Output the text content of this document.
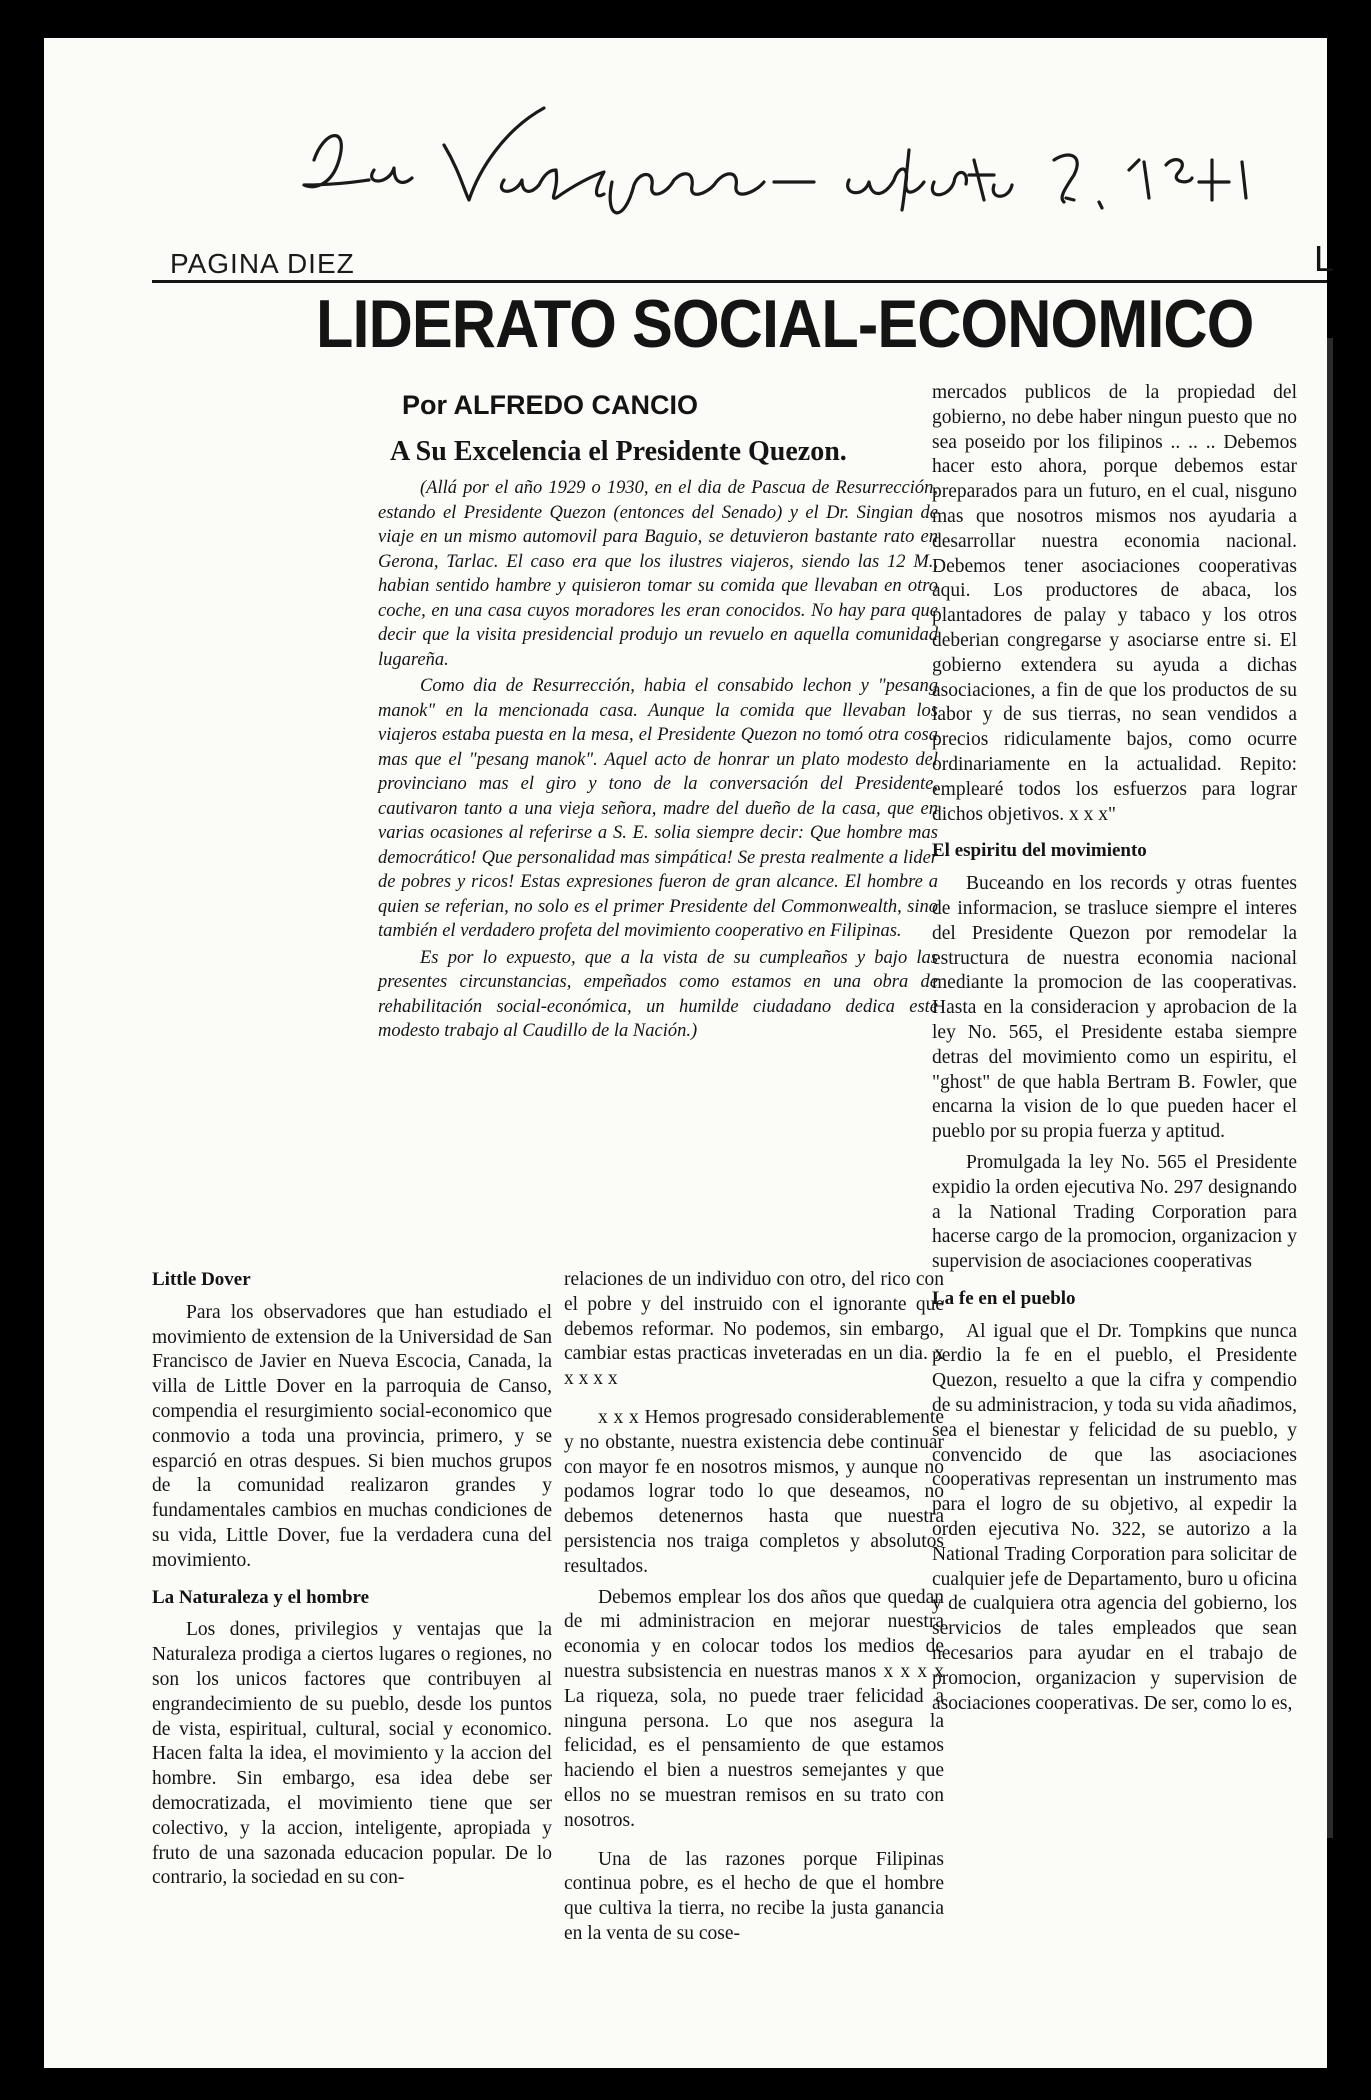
PAGINA DIEZ	L
LIDERATO SOCIAL-ECONOMICO
Por ALFREDO CANCIO
A Su Excelencia el Presidente Quezon.

(Allá por el año 1929 o 1930, en el dia de Pascua de Resurrección, estando el Presidente Quezon (entonces del Senado) y el Dr. Singian de viaje en un mismo automovil para Baguio, se detuvieron bastante rato en Gerona, Tarlac. El caso era que los ilustres viajeros, siendo las 12 M., habian sentido hambre y quisieron tomar su comida que llevaban en otro coche, en una casa cuyos moradores les eran conocidos. No hay para que decir que la visita presidencial produjo un revuelo en aquella comunidad lugareña.

Como dia de Resurrección, habia el consabido lechon y "pesang manok" en la mencionada casa. Aunque la comida que llevaban los viajeros estaba puesta en la mesa, el Presidente Quezon no tomó otra cosa mas que el "pesang manok". Aquel acto de honrar un plato modesto del provinciano mas el giro y tono de la conversación del Presidente, cautivaron tanto a una vieja señora, madre del dueño de la casa, que en varias ocasiones al referirse a S. E. solia siempre decir: Que hombre mas democrático! Que personalidad mas simpática! Se presta realmente a lider de pobres y ricos! Estas expresiones fueron de gran alcance. El hombre a quien se referian, no solo es el primer Presidente del Commonwealth, sino también el verdadero profeta del movimiento cooperativo en Filipinas.

Es por lo expuesto, que a la vista de su cumpleaños y bajo las presentes circunstancias, empeñados como estamos en una obra de rehabilitación social-económica, un humilde ciudadano dedica este modesto trabajo al Caudillo de la Nación.)

Little Dover

Para los observadores que han estudiado el movimiento de extension de la Universidad de San Francisco de Javier en Nueva Escocia, Canada, la villa de Little Dover en la parroquia de Canso, compendia el resurgimiento social-economico que conmovio a toda una provincia, primero, y se esparció en otras despues. Si bien muchos grupos de la comunidad realizaron grandes y fundamentales cambios en muchas condiciones de su vida, Little Dover, fue la verdadera cuna del movimiento.

La Naturaleza y el hombre

Los dones, privilegios y ventajas que la Naturaleza prodiga a ciertos lugares o regiones, no son los unicos factores que contribuyen al engrandecimiento de su pueblo, desde los puntos de vista, espiritual, cultural, social y economico. Hacen falta la idea, el movimiento y la accion del hombre. Sin embargo, esa idea debe ser democratizada, el movimiento tiene que ser colectivo, y la accion, inteligente, apropiada y fruto de una sazonada educacion popular. De lo contrario, la sociedad en su con-

relaciones de un individuo con otro, del rico con el pobre y del instruido con el ignorante que debemos reformar. No podemos, sin embargo, cambiar estas practicas inveteradas en un dia. x x x x x

x x x Hemos progresado considerablemente y no obstante, nuestra existencia debe continuar con mayor fe en nosotros mismos, y aunque no podamos lograr todo lo que deseamos, no debemos detenernos hasta que nuestra persistencia nos traiga completos y absolutos resultados.

Debemos emplear los dos años que quedan de mi administracion en mejorar nuestra economia y en colocar todos los medios de nuestra subsistencia en nuestras manos x x x x La riqueza, sola, no puede traer felicidad a ninguna persona. Lo que nos asegura la felicidad, es el pensamiento de que estamos haciendo el bien a nuestros semejantes y que ellos no se muestran remisos en su trato con nosotros.

Una de las razones porque Filipinas continua pobre, es el hecho de que el hombre que cultiva la tierra, no recibe la justa ganancia en la venta de su cose-

mercados publicos de la propiedad del gobierno, no debe haber ningun puesto que no sea poseido por los filipinos .. .. .. Debemos hacer esto ahora, porque debemos estar preparados para un futuro, en el cual, nisguno mas que nosotros mismos nos ayudaria a desarrollar nuestra economia nacional. Debemos tener asociaciones cooperativas aqui. Los productores de abaca, los plantadores de palay y tabaco y los otros deberian congregarse y asociarse entre si. El gobierno extendera su ayuda a dichas asociaciones, a fin de que los productos de su labor y de sus tierras, no sean vendidos a precios ridiculamente bajos, como ocurre ordinariamente en la actualidad. Repito: emplearé todos los esfuerzos para lograr dichos objetivos. x x x"

El espiritu del movimiento

Buceando en los records y otras fuentes de informacion, se trasluce siempre el interes del Presidente Quezon por remodelar la estructura de nuestra economia nacional mediante la promocion de las cooperativas. Hasta en la consideracion y aprobacion de la ley No. 565, el Presidente estaba siempre detras del movimiento como un espiritu, el "ghost" de que habla Bertram B. Fowler, que encarna la vision de lo que pueden hacer el pueblo por su propia fuerza y aptitud.

Promulgada la ley No. 565 el Presidente expidio la orden ejecutiva No. 297 designando a la National Trading Corporation para hacerse cargo de la promocion, organizacion y supervision de asociaciones cooperativas

La fe en el pueblo

Al igual que el Dr. Tompkins que nunca perdio la fe en el pueblo, el Presidente Quezon, resuelto a que la cifra y compendio de su administracion, y toda su vida añadimos, sea el bienestar y felicidad de su pueblo, y convencido de que las asociaciones cooperativas representan un instrumento mas para el logro de su objetivo, al expedir la orden ejecutiva No. 322, se autorizo a la National Trading Corporation para solicitar de cualquier jefe de Departamento, buro u oficina y de cualquiera otra agencia del gobierno, los servicios de tales empleados que sean necesarios para ayudar en el trabajo de promocion, organizacion y supervision de asociaciones cooperativas. De ser, como lo es,
